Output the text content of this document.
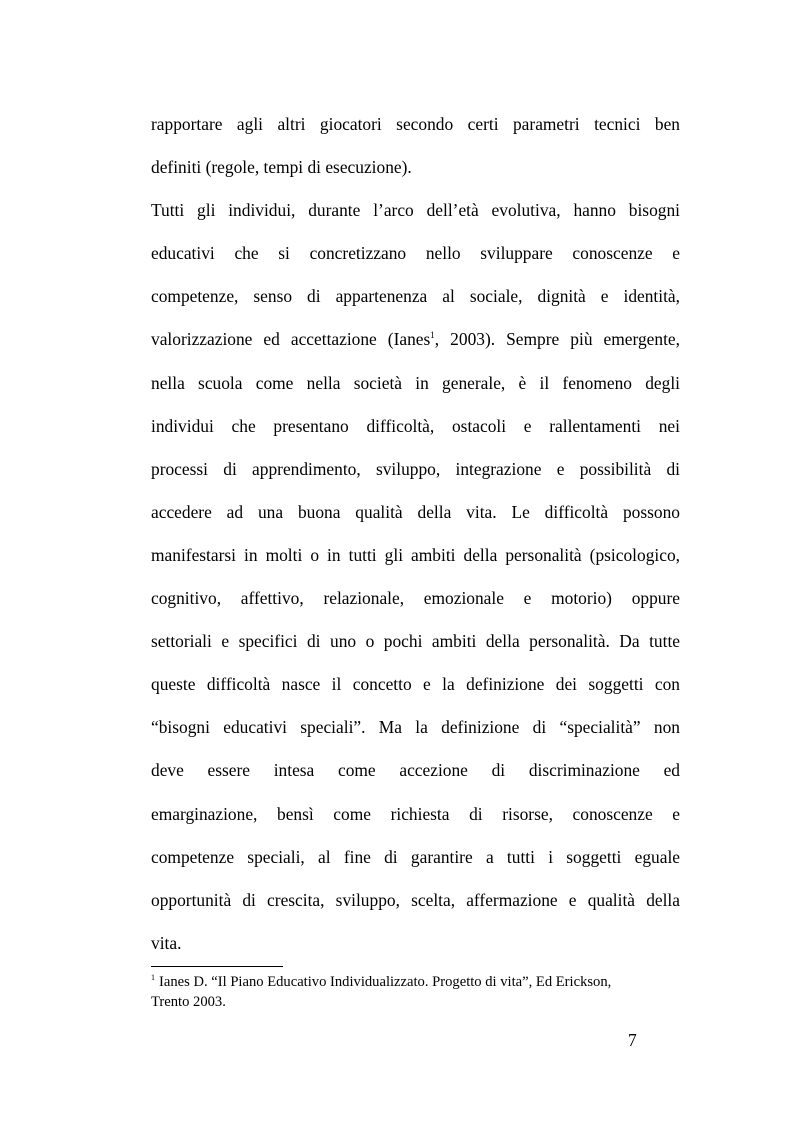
rapportare agli altri giocatori secondo certi parametri tecnici ben
definiti (regole, tempi di esecuzione).
Tutti gli individui, durante l’arco dell’età evolutiva, hanno bisogni
educativi che si concretizzano nello sviluppare conoscenze e
competenze, senso di appartenenza al sociale, dignità e identità,
valorizzazione ed accettazione (Ianes$^1$, 2003). Sempre più emergente,
nella scuola come nella società in generale, è il fenomeno degli
individui che presentano difficoltà, ostacoli e rallentamenti nei
processi di apprendimento, sviluppo, integrazione e possibilità di
accedere ad una buona qualità della vita. Le difficoltà possono
manifestarsi in molti o in tutti gli ambiti della personalità (psicologico,
cognitivo, affettivo, relazionale, emozionale e motorio) oppure
settoriali e specifici di uno o pochi ambiti della personalità. Da tutte
queste difficoltà nasce il concetto e la definizione dei soggetti con
“bisogni educativi speciali”. Ma la definizione di “specialità” non
deve essere intesa come accezione di discriminazione ed
emarginazione, bensì come richiesta di risorse, conoscenze e
competenze speciali, al fine di garantire a tutti i soggetti eguale
opportunità di crescita, sviluppo, scelta, affermazione e qualità della
vita.
$^1$ Ianes D. “Il Piano Educativo Individualizzato. Progetto di vita”, Ed Erickson,
Trento 2003.
7
